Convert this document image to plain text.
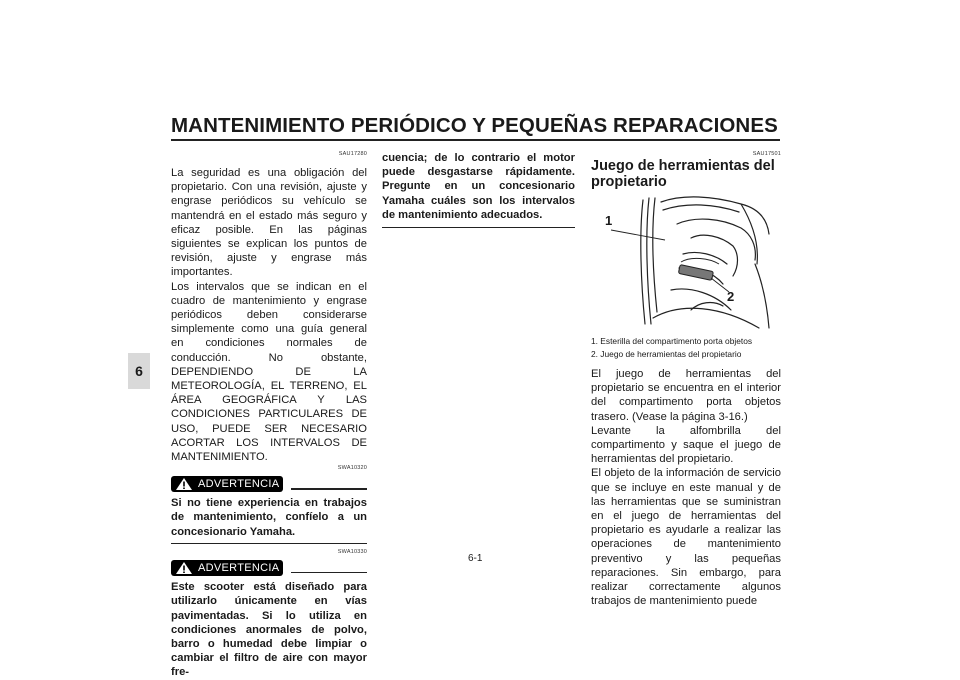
MANTENIMIENTO PERIÓDICO Y PEQUEÑAS REPARACIONES
6
SAU17280

La seguridad es una obligación del propietario. Con una revisión, ajuste y engrase periódicos su vehículo se mantendrá en el estado más seguro y eficaz posible. En las páginas siguientes se explican los puntos de revisión, ajuste y engrase más importantes.

Los intervalos que se indican en el cuadro de mantenimiento y engrase periódicos deben considerarse simplemente como una guía general en condiciones normales de conducción. No obstante, DEPENDIENDO DE LA METEOROLOGÍA, EL TERRENO, EL ÁREA GEOGRÁFICA Y LAS CONDICIONES PARTICULARES DE USO, PUEDE SER NECESARIO ACORTAR LOS INTERVALOS DE MANTENIMIENTO.

SWA10320
ADVERTENCIA

Si no tiene experiencia en trabajos de mantenimiento, confíelo a un concesionario Yamaha.

SWA10330
ADVERTENCIA

Este scooter está diseñado para utilizarlo únicamente en vías pavimentadas. Si lo utiliza en condiciones anormales de polvo, barro o humedad debe limpiar o cambiar el filtro de aire con mayor fre-

cuencia; de lo contrario el motor puede desgastarse rápidamente. Pregunte en un concesionario Yamaha cuáles son los intervalos de mantenimiento adecuados.

SAU17501
Juego de herramientas del propietario
1
2
1. Esterilla del compartimento porta objetos
2. Juego de herramientas del propietario

El juego de herramientas del propietario se encuentra en el interior del compartimento porta objetos trasero. (Vease la página 3-16.)

Levante la alfombrilla del compartimento y saque el juego de herramientas del propietario.

El objeto de la información de servicio que se incluye en este manual y de las herramientas que se suministran en el juego de herramientas del propietario es ayudarle a realizar las operaciones de mantenimiento preventivo y las pequeñas reparaciones. Sin embargo, para realizar correctamente algunos trabajos de mantenimiento puede

6-1
